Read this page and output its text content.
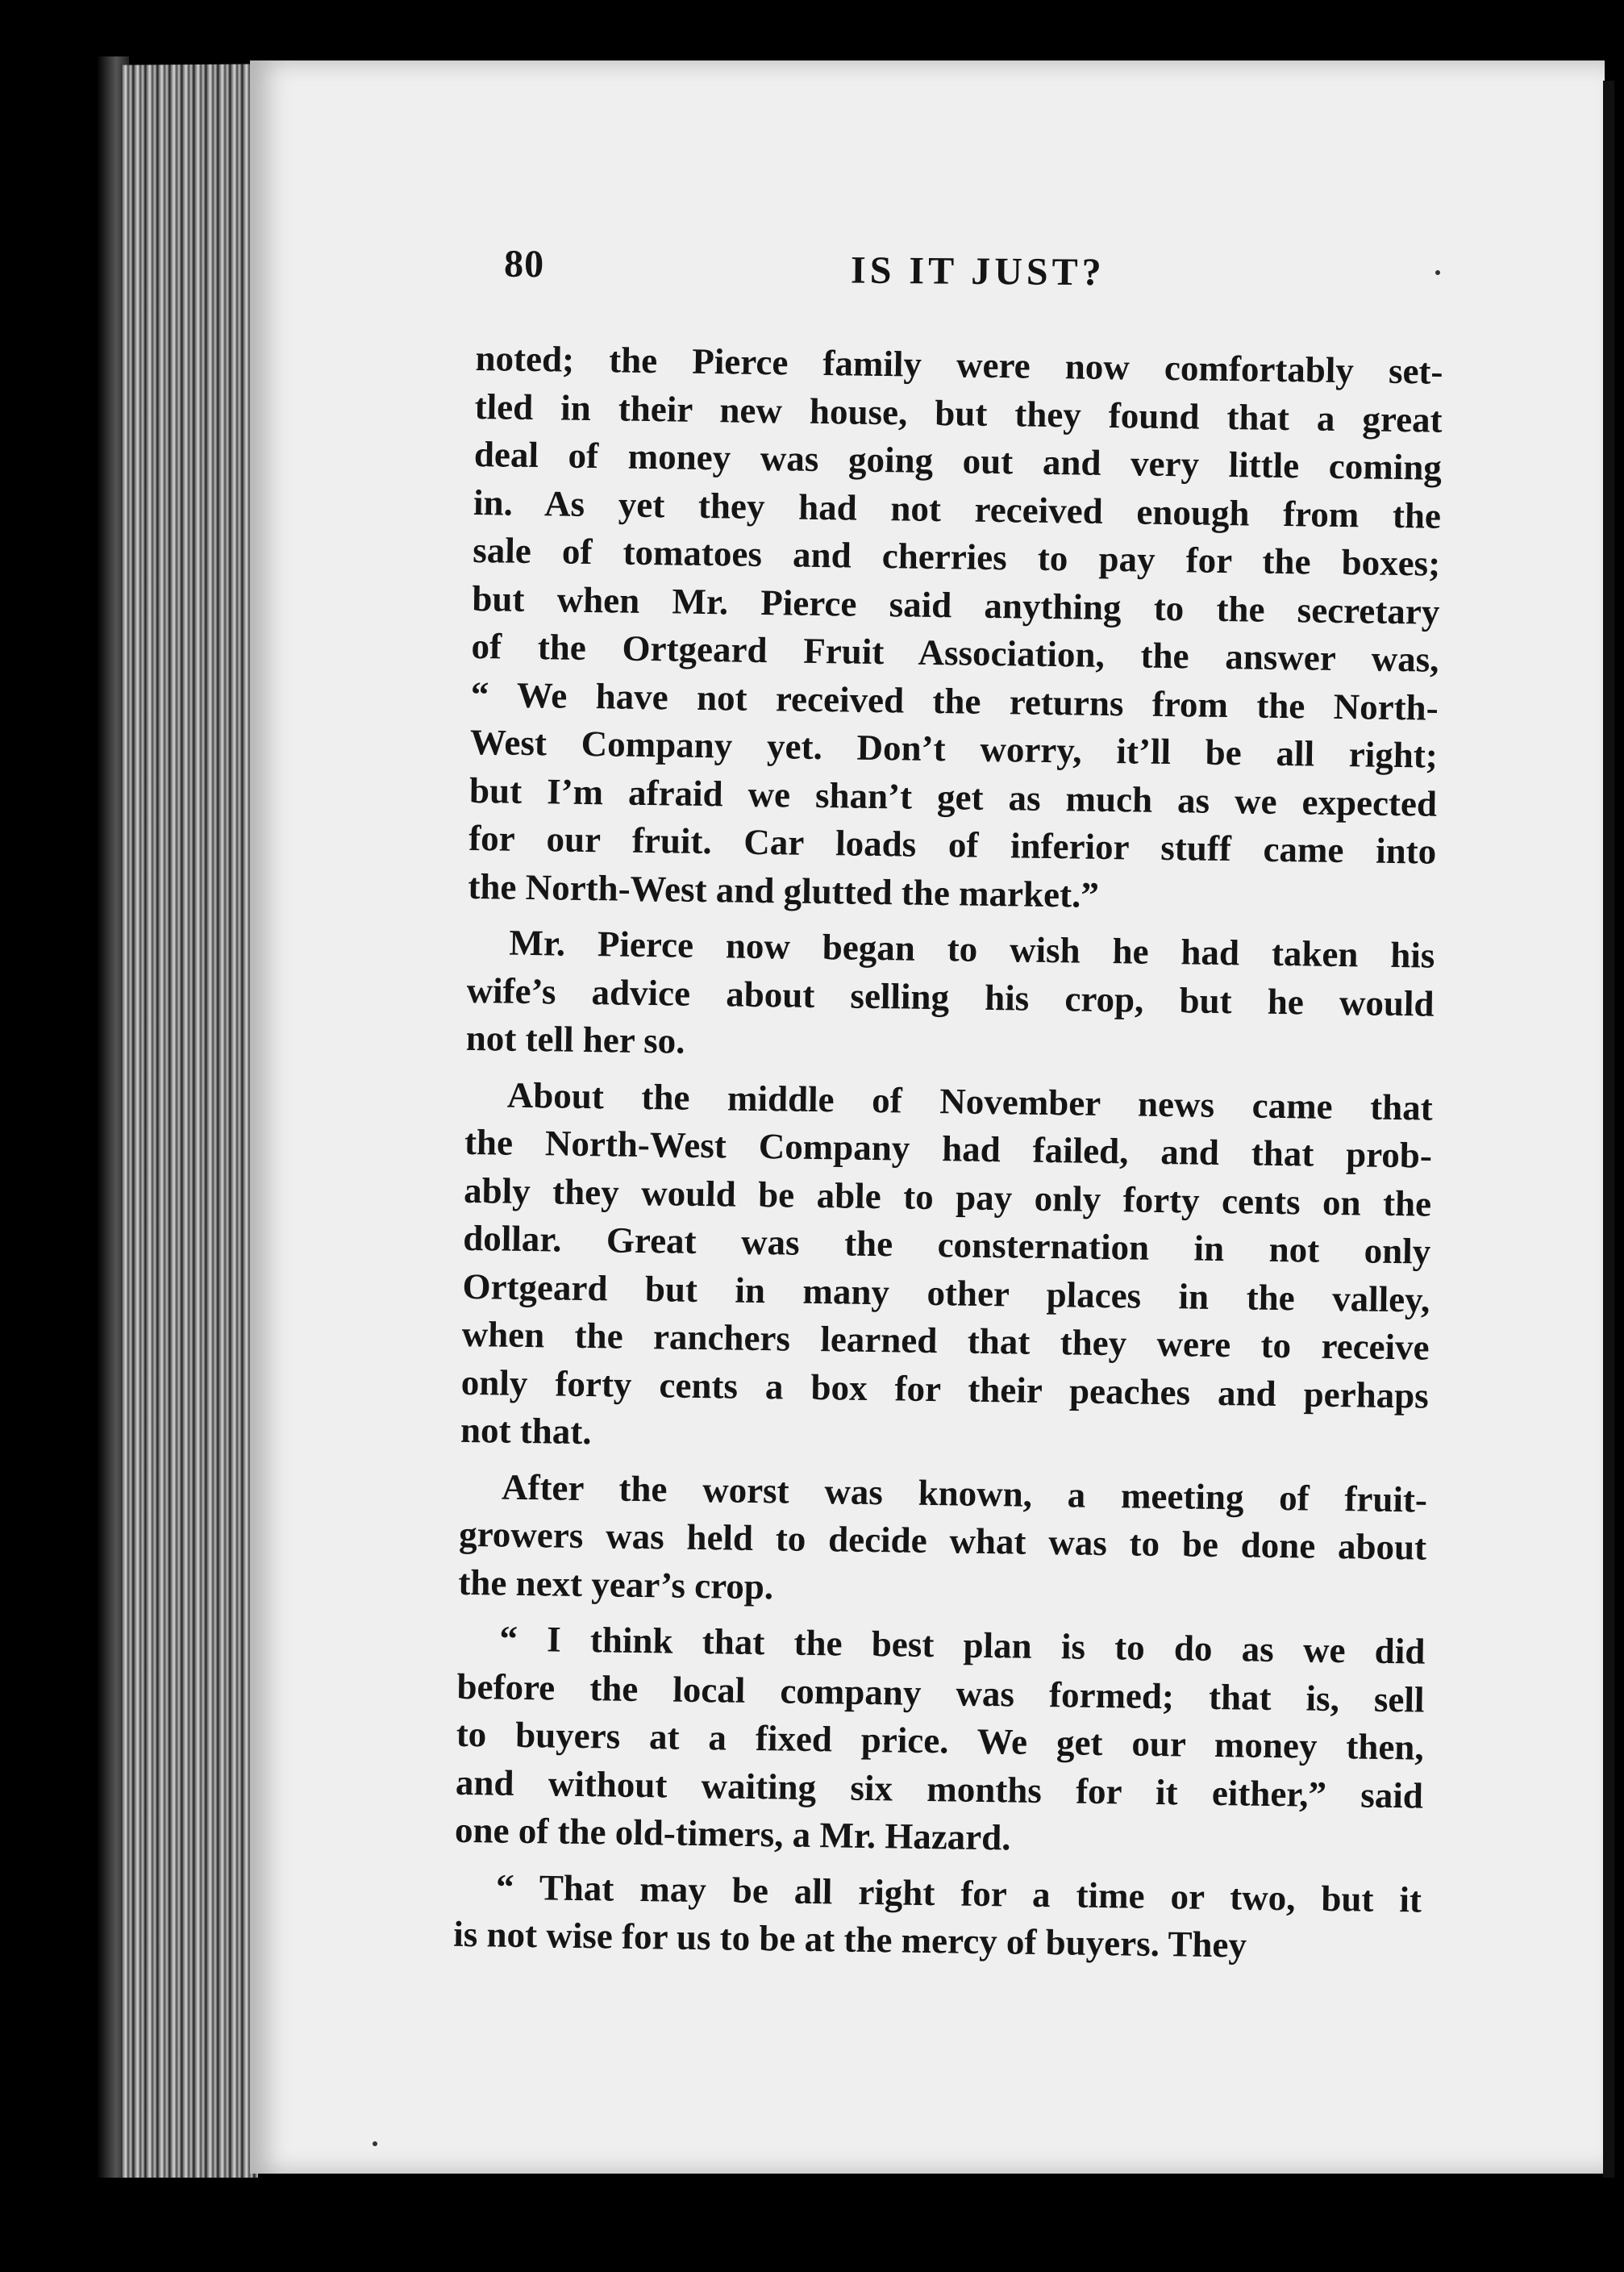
80	IS IT JUST?
noted; the Pierce family were now comfortably set-
tled in their new house, but they found that a great
deal of money was going out and very little coming
in. As yet they had not received enough from the
sale of tomatoes and cherries to pay for the boxes;
but when Mr. Pierce said anything to the secretary
of the Ortgeard Fruit Association, the answer was,
“ We have not received the returns from the North-
West Company yet. Don’t worry, it’ll be all right;
but I’m afraid we shan’t get as much as we expected
for our fruit. Car loads of inferior stuff came into
the North-West and glutted the market.”
Mr. Pierce now began to wish he had taken his
wife’s advice about selling his crop, but he would
not tell her so.
About the middle of November news came that
the North-West Company had failed, and that prob-
ably they would be able to pay only forty cents on the
dollar. Great was the consternation in not only
Ortgeard but in many other places in the valley,
when the ranchers learned that they were to receive
only forty cents a box for their peaches and perhaps
not that.
After the worst was known, a meeting of fruit-
growers was held to decide what was to be done about
the next year’s crop.
“ I think that the best plan is to do as we did
before the local company was formed; that is, sell
to buyers at a fixed price. We get our money then,
and without waiting six months for it either,” said
one of the old-timers, a Mr. Hazard.
“ That may be all right for a time or two, but it
is not wise for us to be at the mercy of buyers. They
